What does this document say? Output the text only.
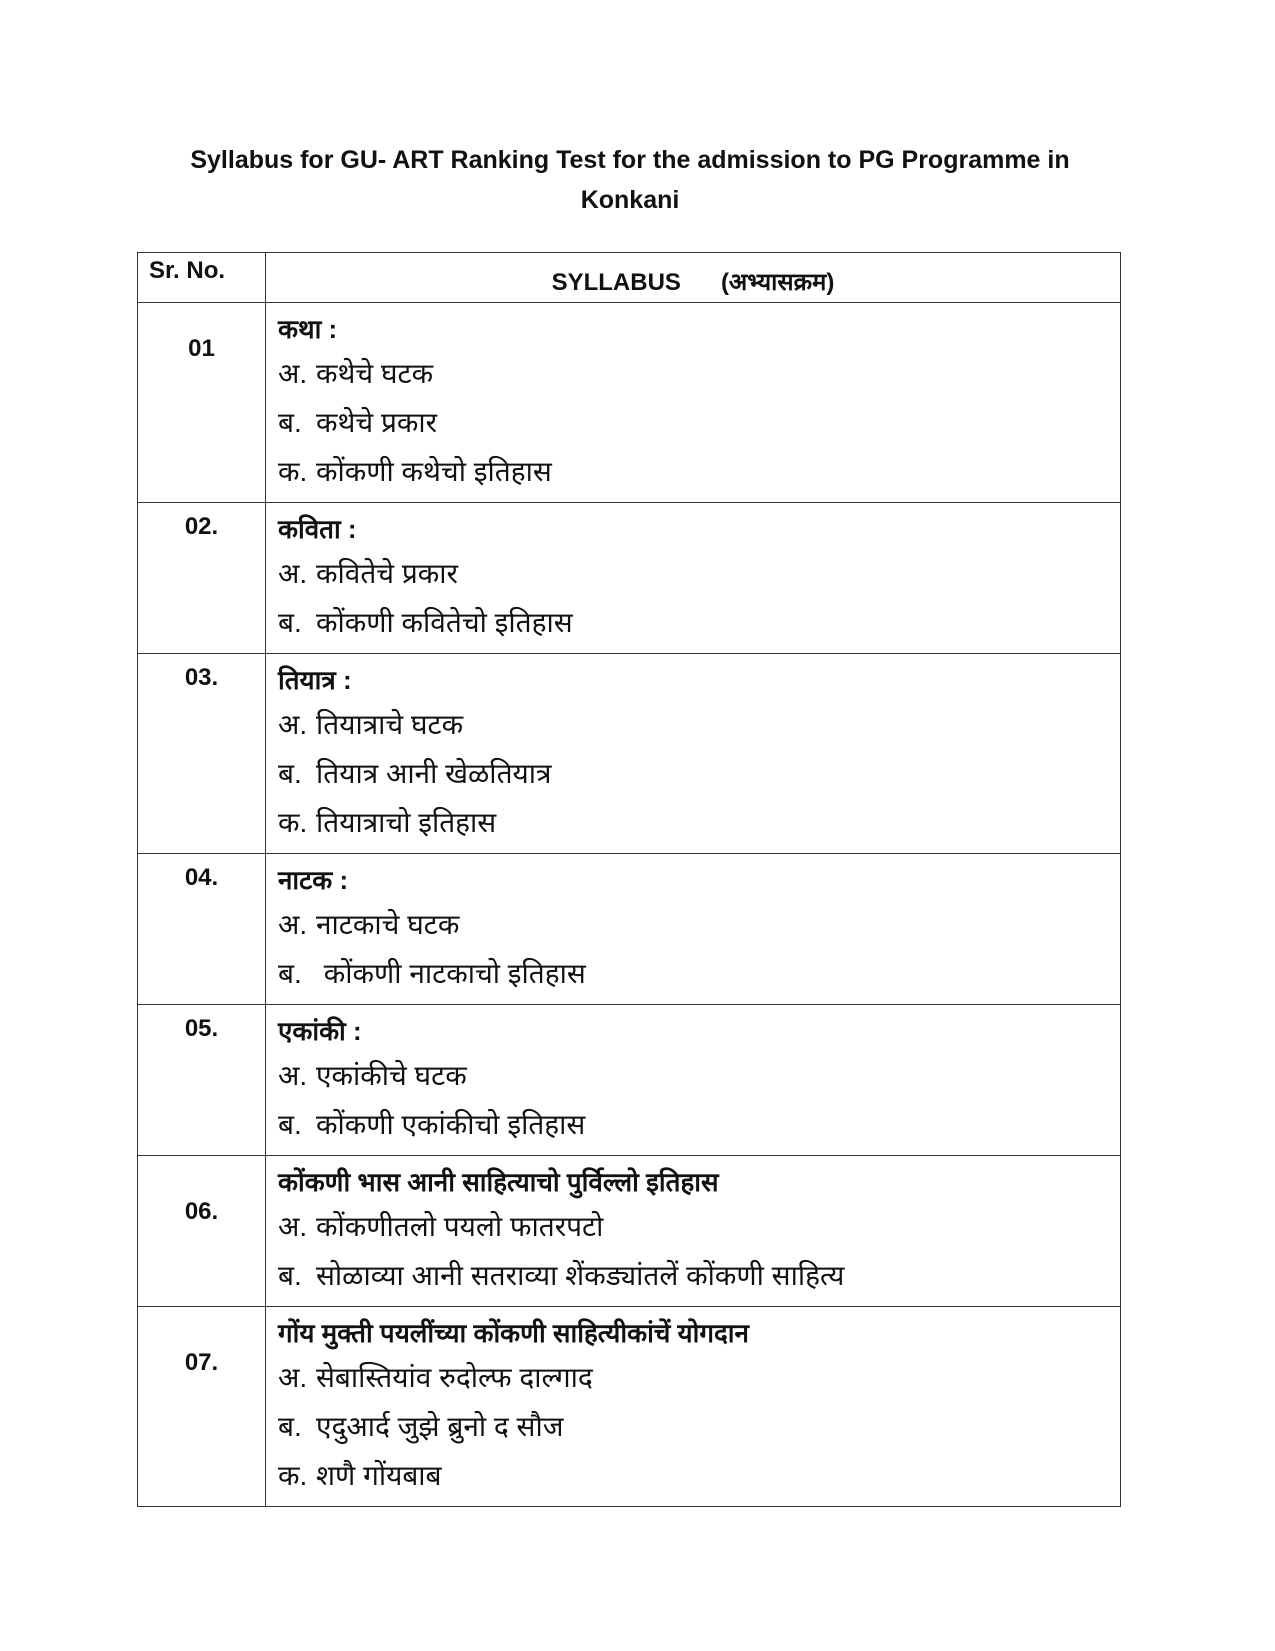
Syllabus for GU- ART Ranking Test for the admission to PG Programme in
Konkani
Sr. No.	SYLLABUS (अभ्यासक्रम)
01	कथा :
अ. कथेचे घटक
ब. कथेचे प्रकार
क. कोंकणी कथेचो इतिहास

02.	कविता :
अ. कवितेचे प्रकार
ब. कोंकणी कवितेचो इतिहास

03.	तियात्र :
अ. तियात्राचे घटक
ब. तियात्र आनी खेळतियात्र
क. तियात्राचो इतिहास

04.	नाटक :
अ. नाटकाचे घटक
ब. कोंकणी नाटकाचो इतिहास

05.	एकांकी :
अ. एकांकीचे घटक
ब. कोंकणी एकांकीचो इतिहास

06.	कोंकणी भास आनी साहित्याचो पुर्विल्लो इतिहास
अ. कोंकणीतलो पयलो फातरपटो
ब. सोळाव्या आनी सतराव्या शेंकड्यांतलें कोंकणी साहित्य

07.	गोंय मुक्ती पयलींच्या कोंकणी साहित्यीकांचें योगदान
अ. सेबास्तियांव रुदोल्फ दाल्गाद
ब. एदुआर्द जुझे ब्रुनो द सौज
क. शणै गोंयबाब
